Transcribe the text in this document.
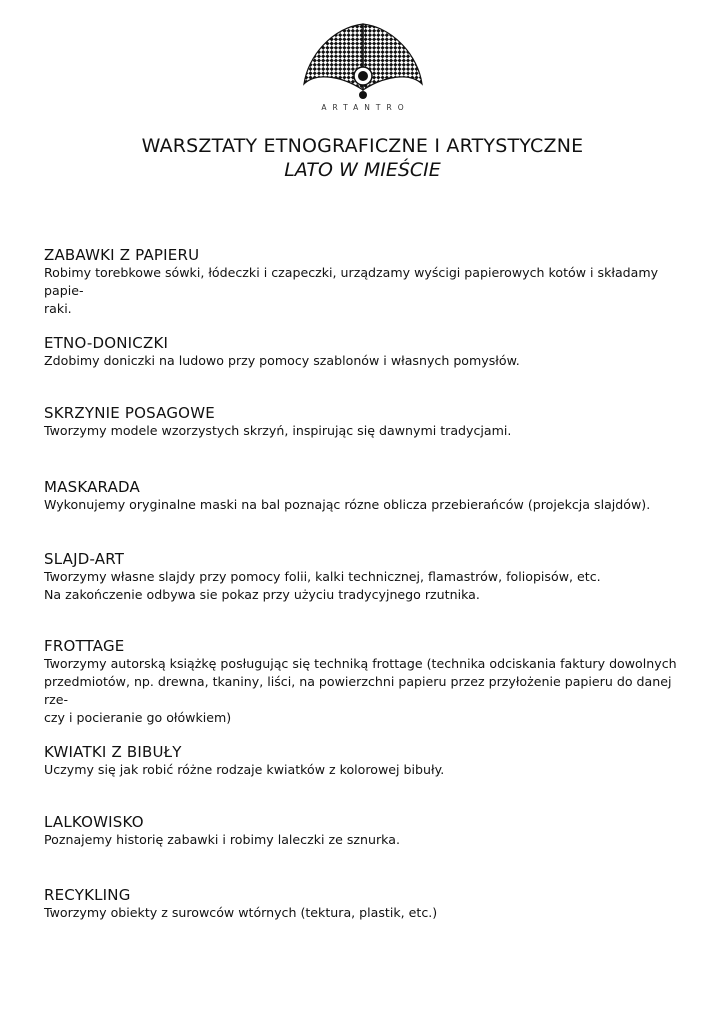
ARTANTRO
WARSZTATY ETNOGRAFICZNE I ARTYSTYCZNE
LATO W MIEŚCIE
ZABAWKI Z PAPIERU

Robimy torebkowe sówki, łódeczki i czapeczki, urządzamy wyścigi papierowych kotów i składamy papie-

raki.

ETNO-DONICZKI

Zdobimy doniczki na ludowo przy pomocy szablonów i własnych pomysłów.

SKRZYNIE POSAGOWE

Tworzymy modele wzorzystych skrzyń, inspirując się dawnymi tradycjami.

MASKARADA

Wykonujemy oryginalne maski na bal poznając rózne oblicza przebierańców (projekcja slajdów).

SLAJD-ART

Tworzymy własne slajdy przy pomocy folii, kalki technicznej, flamastrów, foliopisów, etc.

Na zakończenie odbywa sie pokaz przy użyciu tradycyjnego rzutnika.

FROTTAGE

Tworzymy autorską książkę posługując się techniką frottage (technika odciskania faktury dowolnych

przedmiotów, np. drewna, tkaniny, liści, na powierzchni papieru przez przyłożenie papieru do danej rze-

czy i pocieranie go ołówkiem)

KWIATKI Z BIBUŁY

Uczymy się jak robić różne rodzaje kwiatków z kolorowej bibuły.

LALKOWISKO

Poznajemy historię zabawki i robimy laleczki ze sznurka.

RECYKLING

Tworzymy obiekty z surowców wtórnych (tektura, plastik, etc.)
